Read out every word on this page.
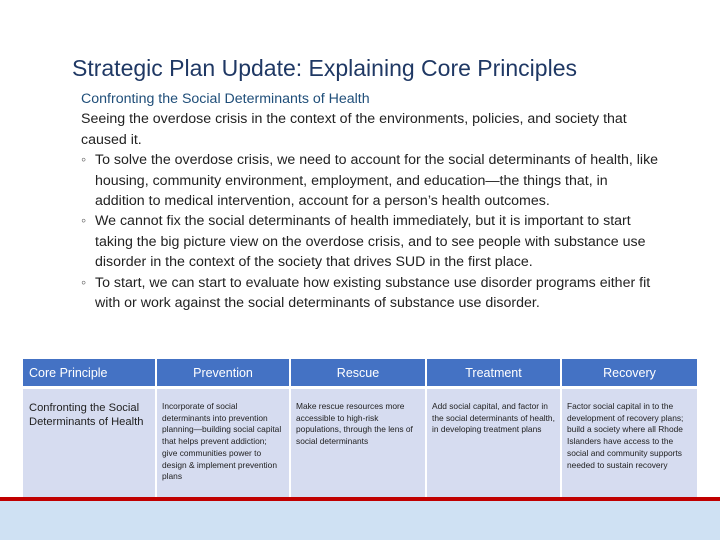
Strategic Plan Update: Explaining Core Principles
Confronting the Social Determinants of Health
Seeing the overdose crisis in the context of the environments, policies, and society that caused it.
◦ To solve the overdose crisis, we need to account for the social determinants of health, like housing, community environment, employment, and education—the things that, in addition to medical intervention, account for a person’s health outcomes.
◦ We cannot fix the social determinants of health immediately, but it is important to start taking the big picture view on the overdose crisis, and to see people with substance use disorder in the context of the society that drives SUD in the first place.
◦ To start, we can start to evaluate how existing substance use disorder programs either fit with or work against the social determinants of substance use disorder.
Core Principle	Prevention	Rescue	Treatment	Recovery
Confronting the Social Determinants of Health	Incorporate of social determinants into prevention planning—building social capital that helps prevent addiction; give communities power to design & implement prevention plans	Make rescue resources more accessible to high-risk populations, through the lens of social determinants	Add social capital, and factor in the social determinants of health, in developing treatment plans	Factor social capital in to the development of recovery plans; build a society where all Rhode Islanders have access to the social and community supports needed to sustain recovery
